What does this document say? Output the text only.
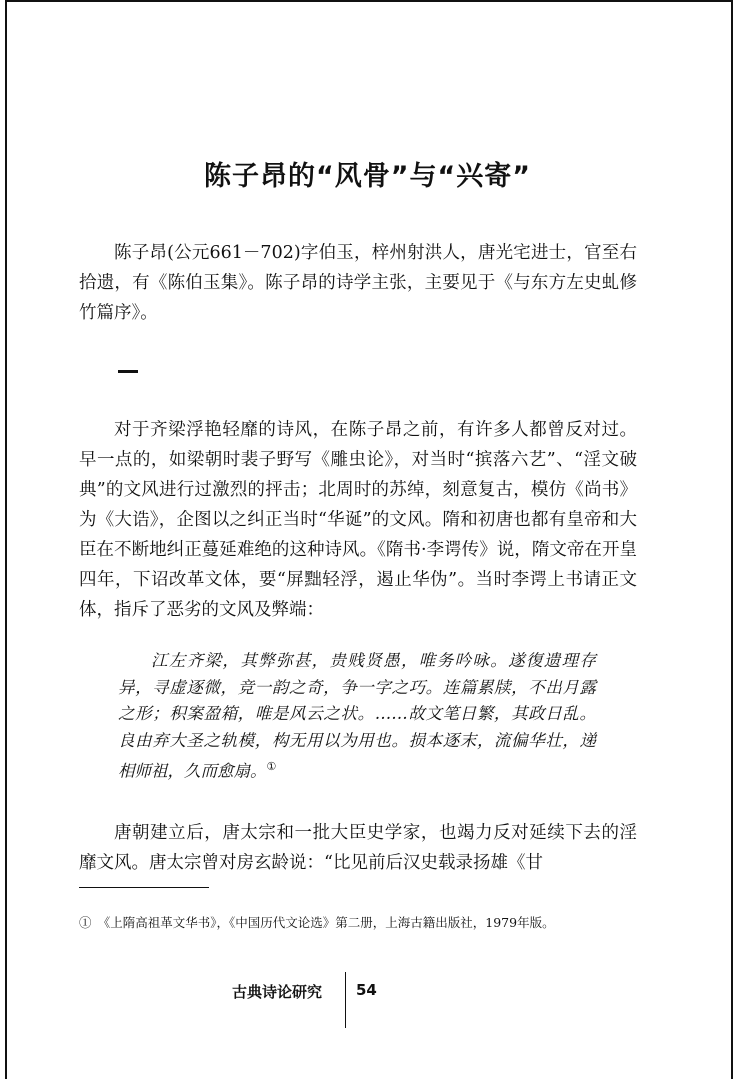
陈子昂的“风骨”与“兴寄”

陈子昂(公元661－702)字伯玉，梓州射洪人，唐光宅进士，官至右拾遗，有《陈伯玉集》。陈子昂的诗学主张，主要见于《与东方左史虬修竹篇序》。

对于齐梁浮艳轻靡的诗风，在陈子昂之前，有许多人都曾反对过。早一点的，如梁朝时裴子野写《雕虫论》，对当时“摈落六艺”、“淫文破典”的文风进行过激烈的抨击；北周时的苏绰，刻意复古，模仿《尚书》为《大诰》，企图以之纠正当时“华诞”的文风。隋和初唐也都有皇帝和大臣在不断地纠正蔓延难绝的这种诗风。《隋书·李谔传》说，隋文帝在开皇四年，下诏改革文体，要“屏黜轻浮，遏止华伪”。当时李谔上书请正文体，指斥了恶劣的文风及弊端：

江左齐梁，其弊弥甚，贵贱贤愚，唯务吟咏。遂復遗理存异，寻虚逐微，竞一韵之奇，争一字之巧。连篇累牍，不出月露之形；积案盈箱，唯是风云之状。……故文笔日繁，其政日乱。良由弃大圣之轨模，构无用以为用也。损本逐末，流偏华壮，递相师祖，久而愈扇。①

唐朝建立后，唐太宗和一批大臣史学家，也竭力反对延续下去的淫靡文风。唐太宗曾对房玄龄说：“比见前后汉史载录扬雄《甘

①　《上隋高祖革文华书》，《中国历代文论选》第二册，上海古籍出版社，1979年版。

古典诗论研究 54
